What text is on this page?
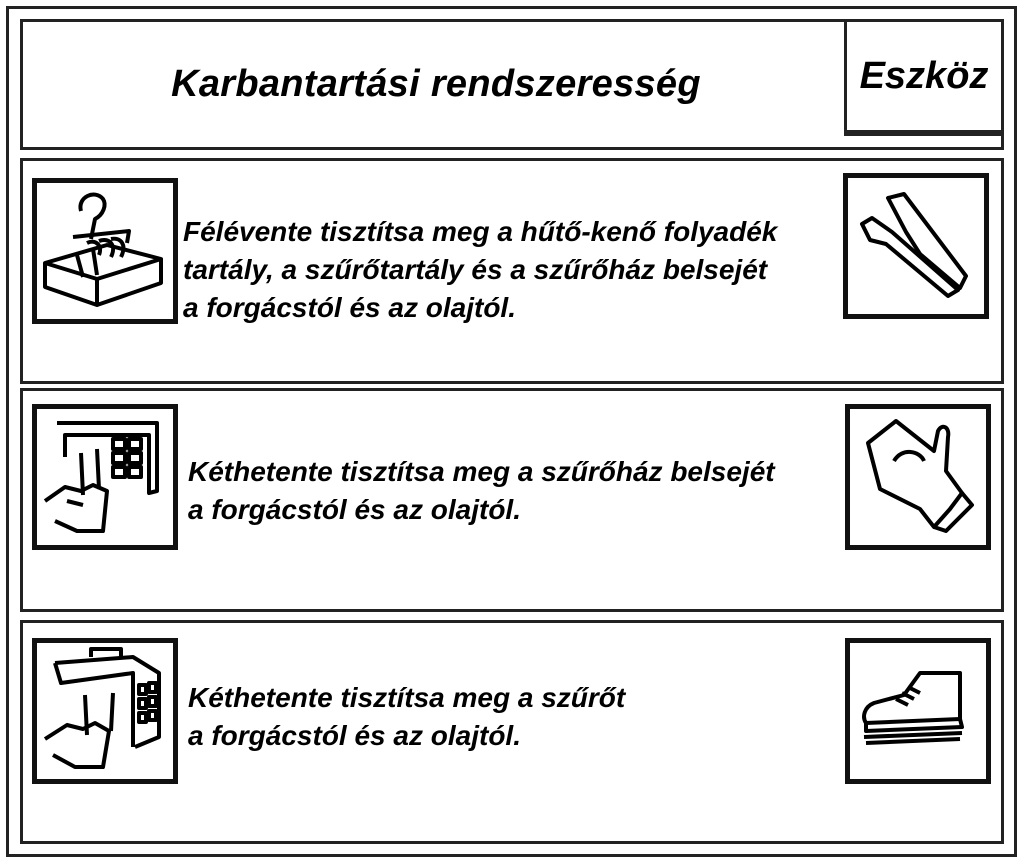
Karbantartási rendszeresség	Eszköz
Félévente tisztítsa meg a hűtő-kenő folyadék
tartály, a szűrőtartály és a szűrőház belsejét
a forgácstól és az olajtól.
Kéthetente tisztítsa meg a szűrőház belsejét
a forgácstól és az olajtól.
Kéthetente tisztítsa meg a szűrőt
a forgácstól és az olajtól.
